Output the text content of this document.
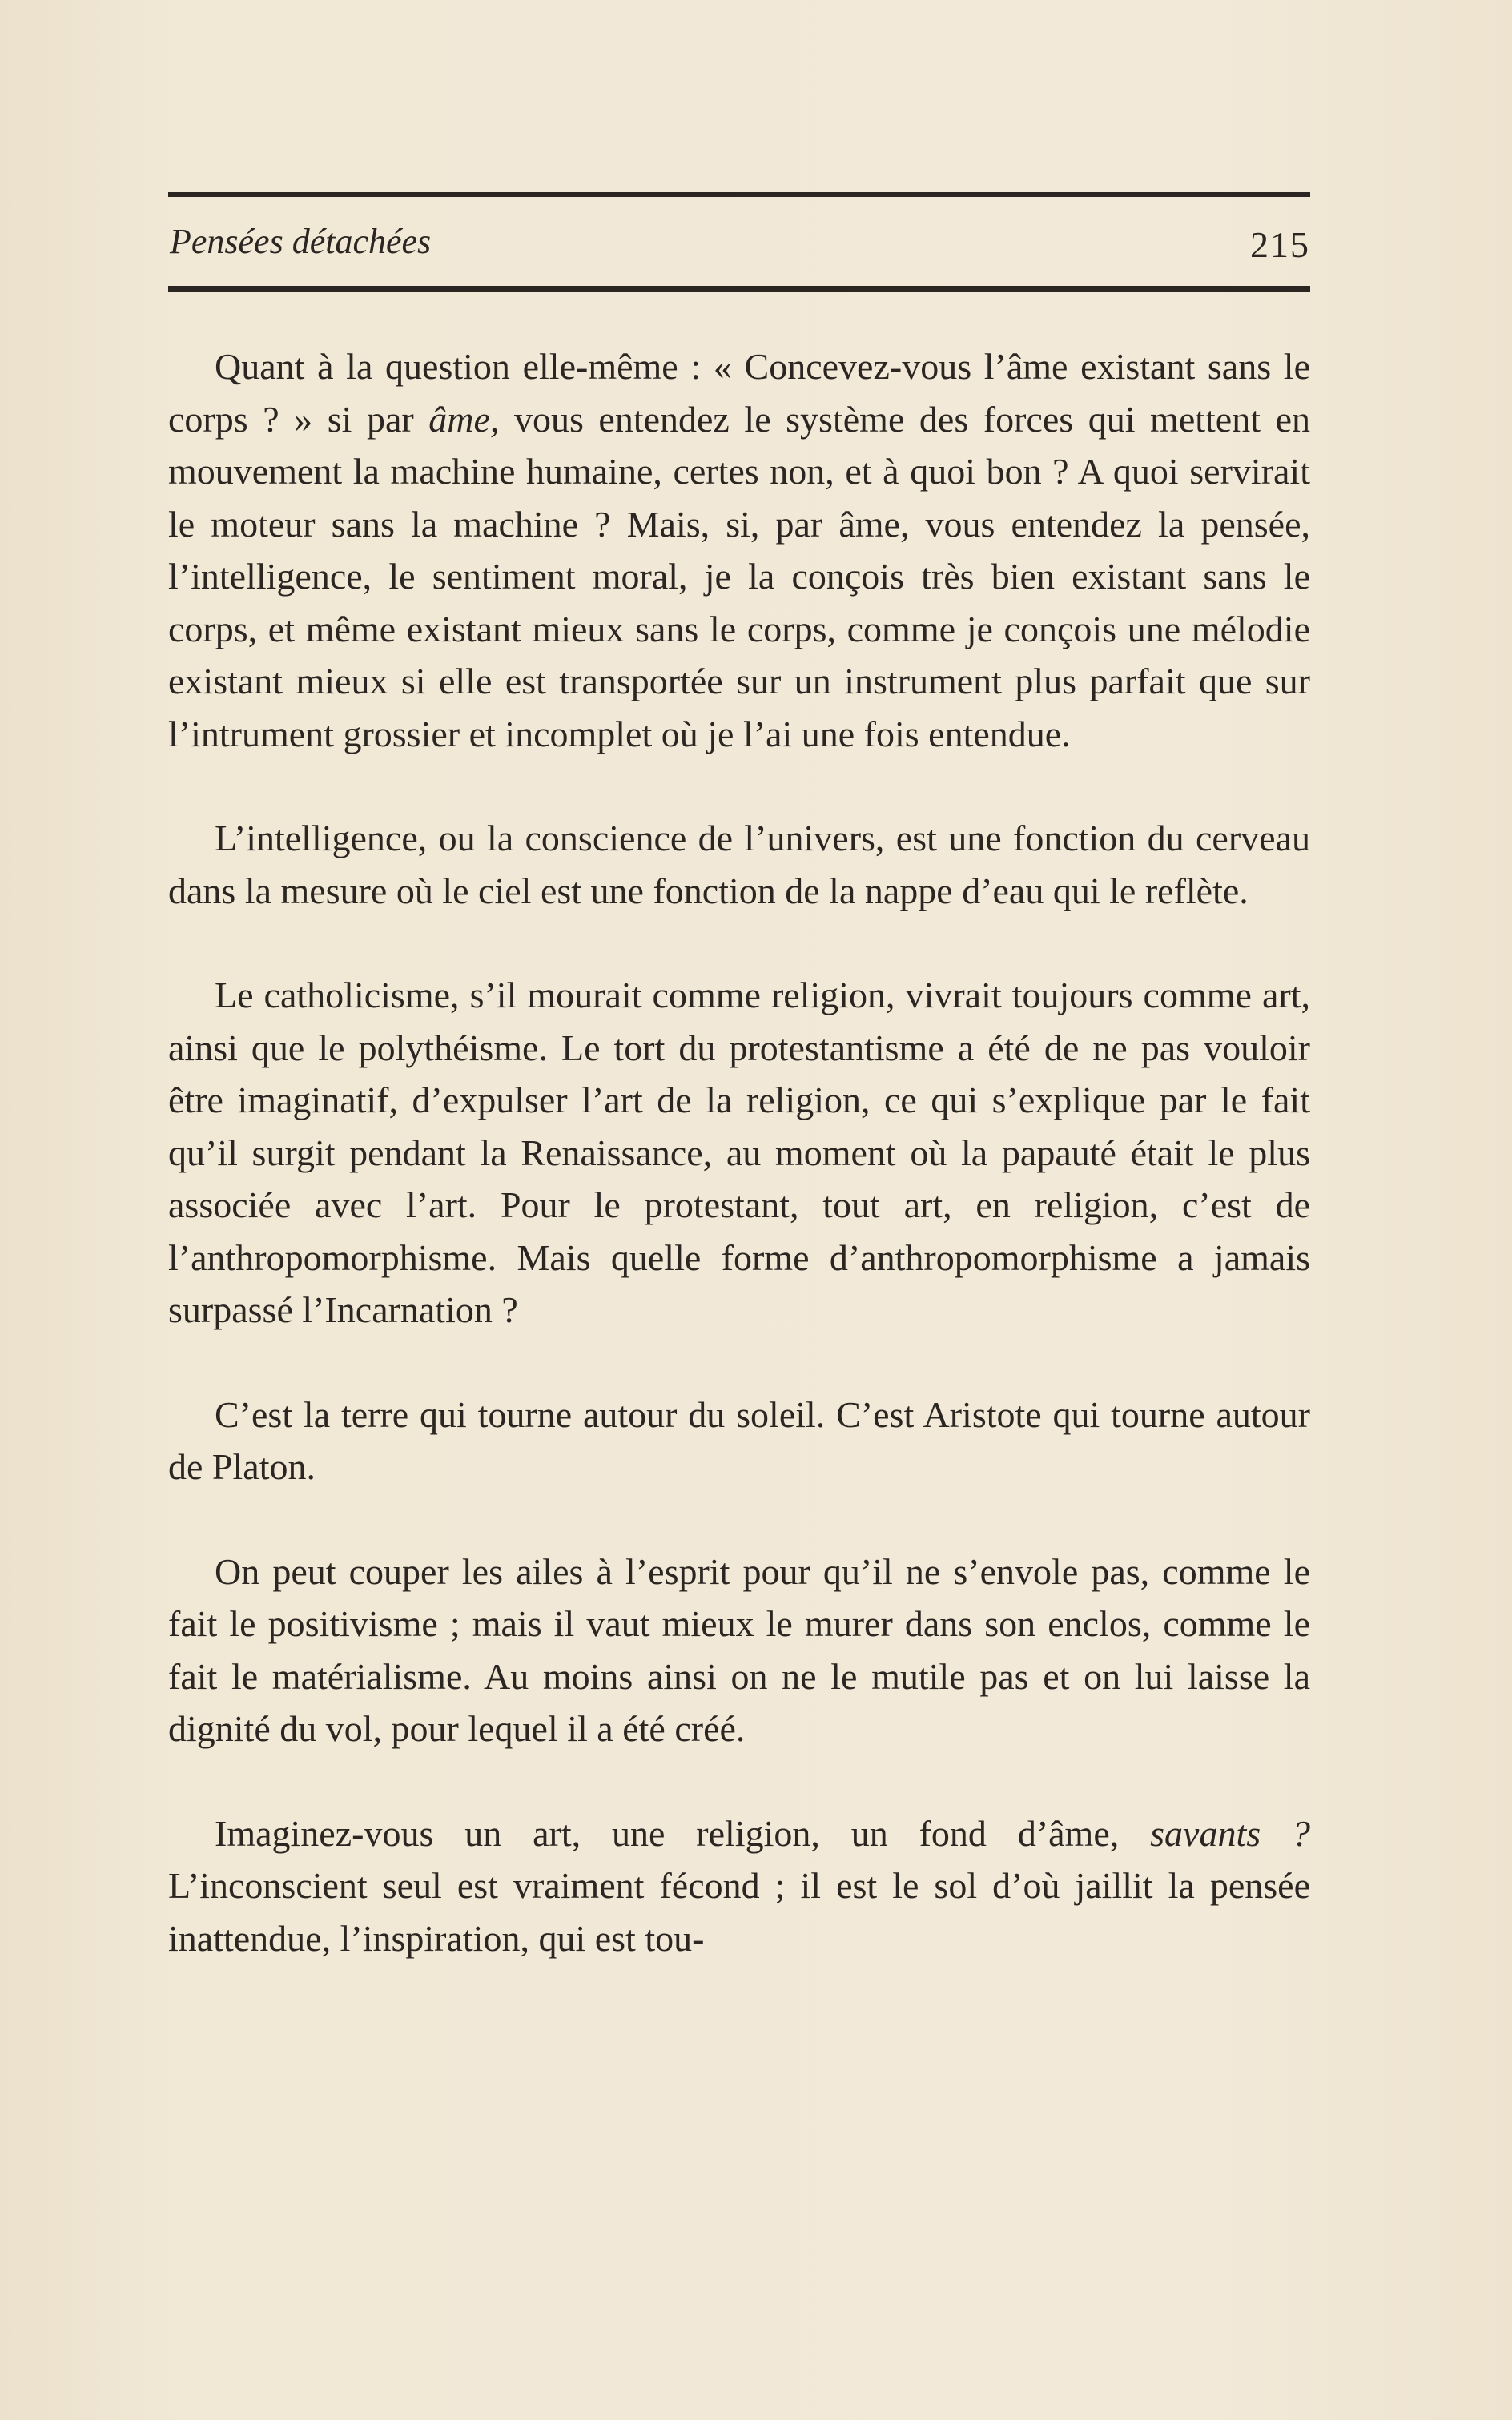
Pensées détachées	215

Quant à la question elle-même : « Concevez-vous l’âme existant sans le corps ? » si par âme, vous entendez le système des forces qui mettent en mouvement la machine humaine, certes non, et à quoi bon ? A quoi servirait le moteur sans la machine ? Mais, si, par âme, vous entendez la pensée, l’intelligence, le sentiment moral, je la conçois très bien existant sans le corps, et même existant mieux sans le corps, comme je conçois une mélodie existant mieux si elle est transportée sur un instrument plus parfait que sur l’intrument grossier et incomplet où je l’ai une fois entendue.

L’intelligence, ou la conscience de l’univers, est une fonction du cerveau dans la mesure où le ciel est une fonction de la nappe d’eau qui le reflète.

Le catholicisme, s’il mourait comme religion, vivrait toujours comme art, ainsi que le polythéisme. Le tort du protestantisme a été de ne pas vouloir être imaginatif, d’expulser l’art de la religion, ce qui s’explique par le fait qu’il surgit pendant la Renaissance, au moment où la papauté était le plus associée avec l’art. Pour le protestant, tout art, en religion, c’est de l’anthropomorphisme. Mais quelle forme d’anthropomorphisme a jamais surpassé l’Incarnation ?

C’est la terre qui tourne autour du soleil. C’est Aristote qui tourne autour de Platon.

On peut couper les ailes à l’esprit pour qu’il ne s’envole pas, comme le fait le positivisme ; mais il vaut mieux le murer dans son enclos, comme le fait le matérialisme. Au moins ainsi on ne le mutile pas et on lui laisse la dignité du vol, pour lequel il a été créé.

Imaginez-vous un art, une religion, un fond d’âme, savants ? L’inconscient seul est vraiment fécond ; il est le sol d’où jaillit la pensée inattendue, l’inspiration, qui est tou-
